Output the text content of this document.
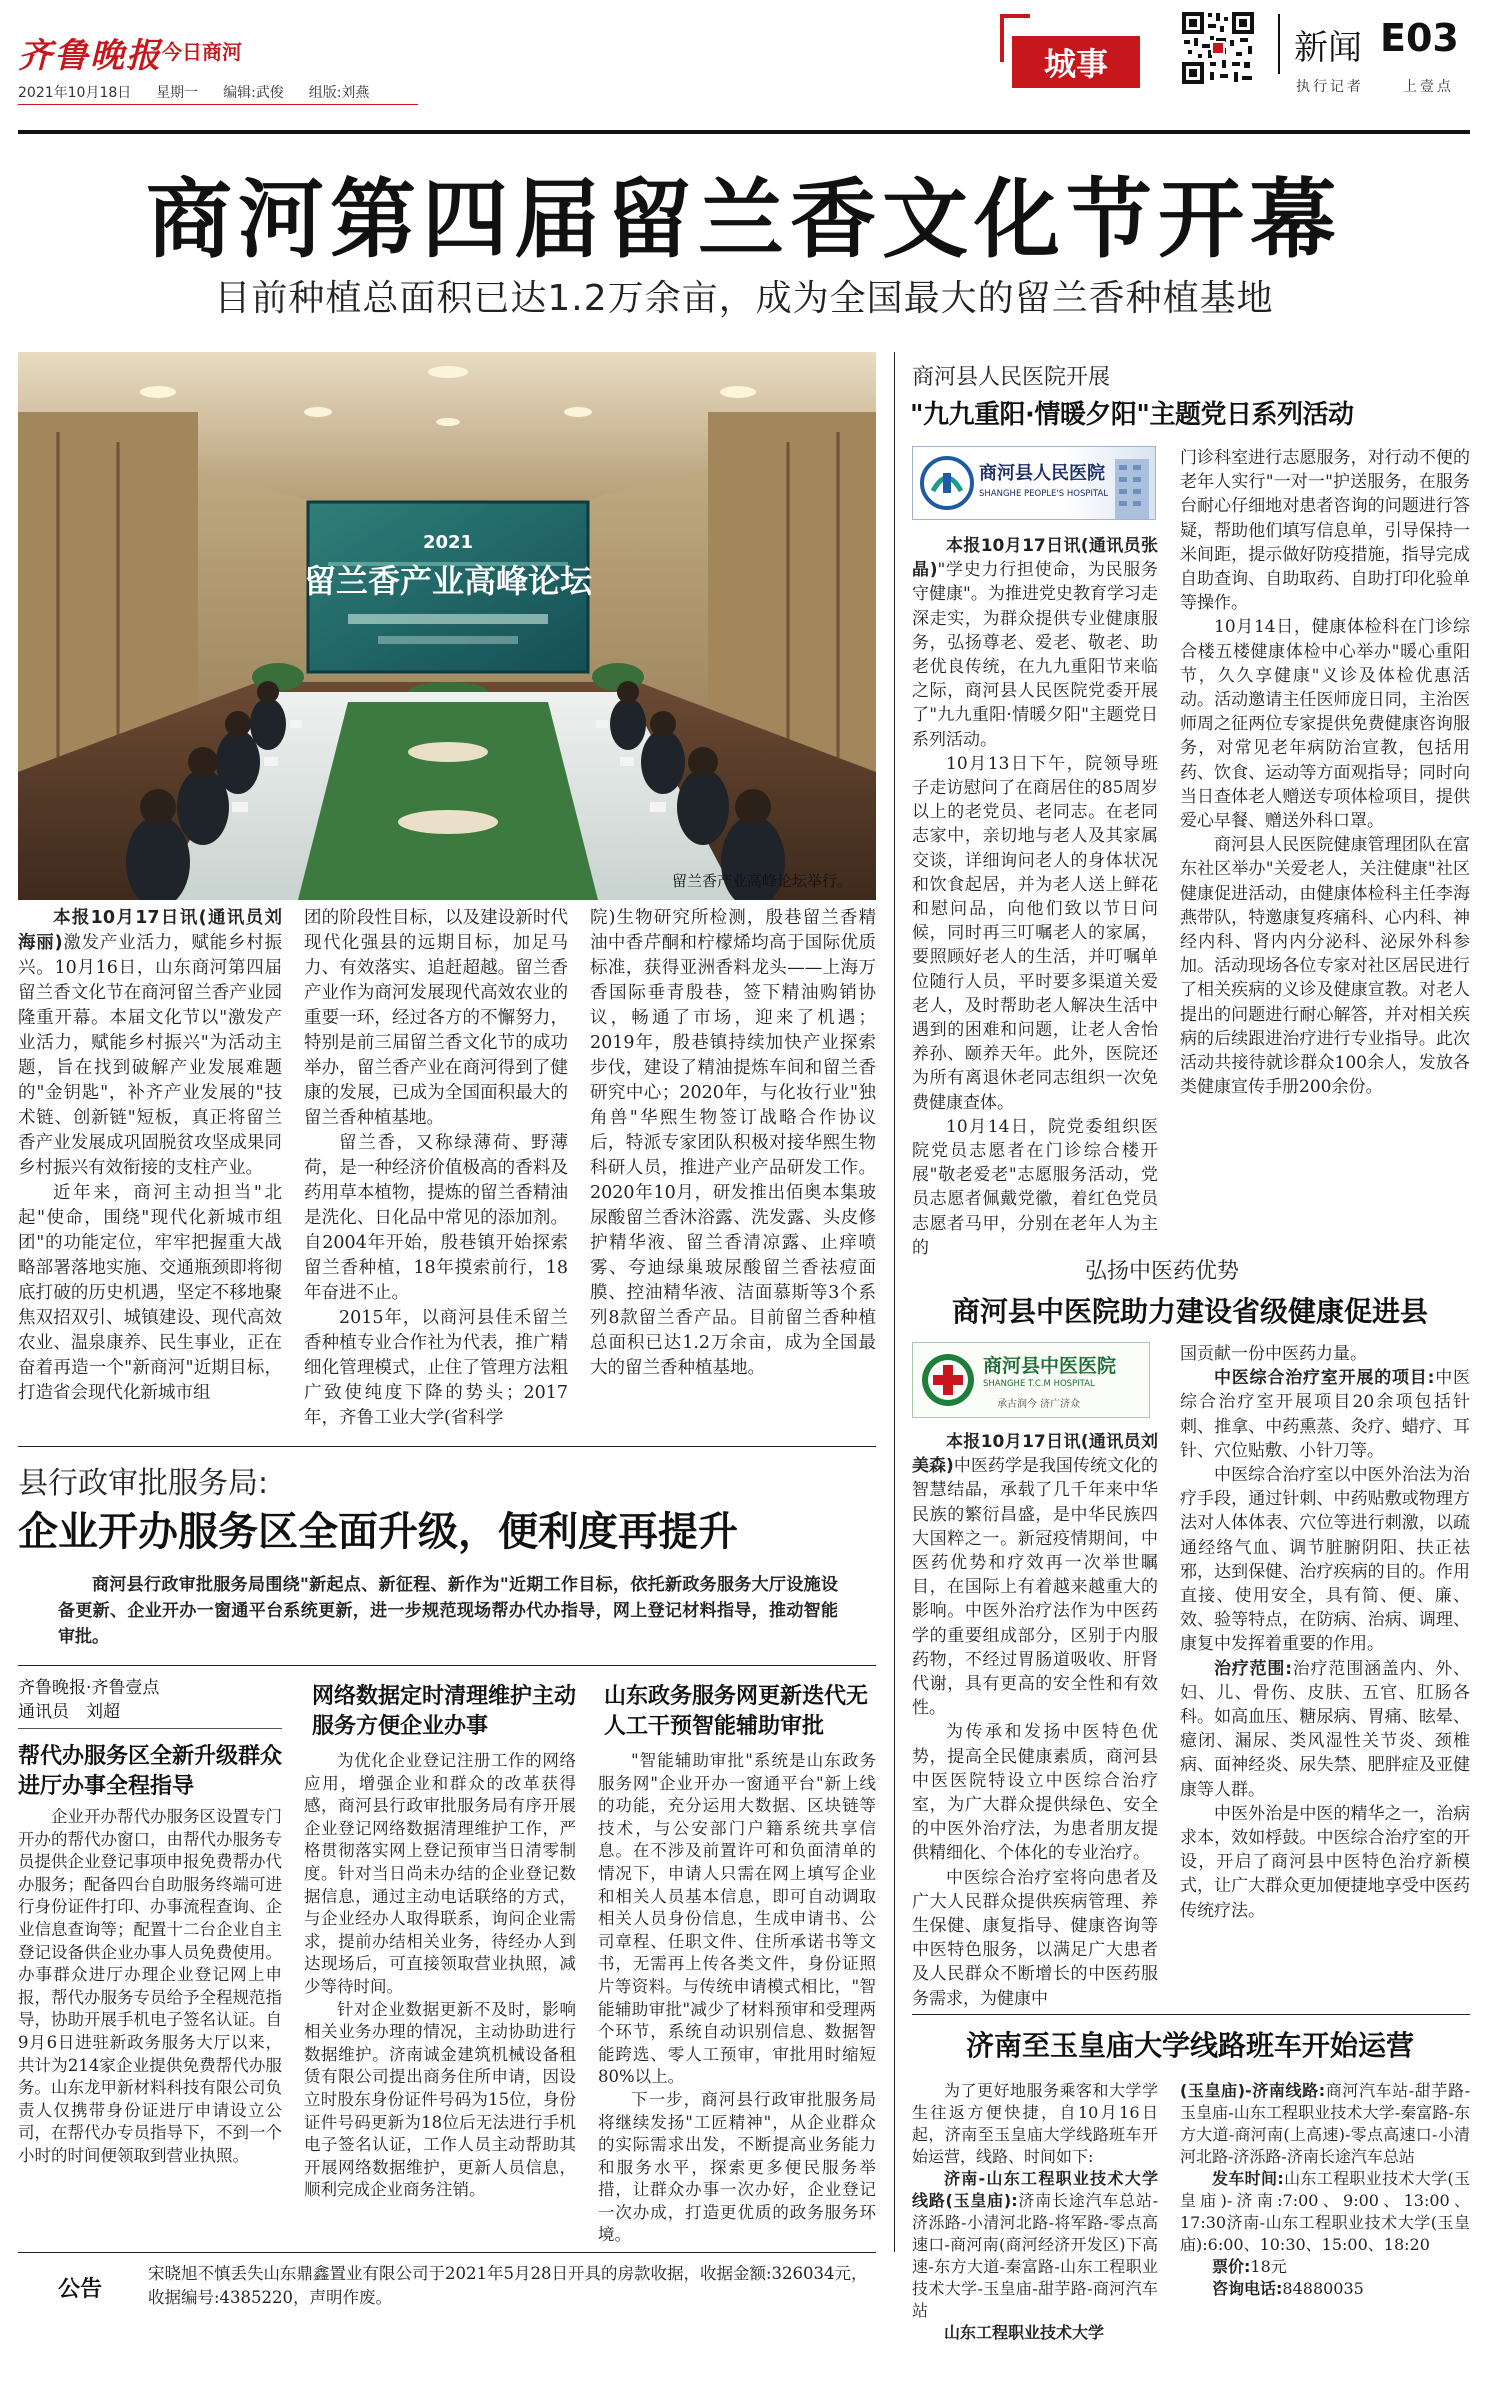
齐鲁晚报 今日商河
2021年10月18日 星期一 编辑:武俊 组版:刘燕
城事	新闻 E03
执行记者	上壹点
商河第四届留兰香文化节开幕
目前种植总面积已达1.2万余亩，成为全国最大的留兰香种植基地
2021
留兰香产业高峰论坛
留兰香产业高峰论坛举行。

本报10月17日讯(通讯员刘海丽)激发产业活力，赋能乡村振兴。10月16日，山东商河第四届留兰香文化节在商河留兰香产业园隆重开幕。本届文化节以"激发产业活力，赋能乡村振兴"为活动主题，旨在找到破解产业发展难题的"金钥匙"，补齐产业发展的"技术链、创新链"短板，真正将留兰香产业发展成巩固脱贫攻坚成果同乡村振兴有效衔接的支柱产业。

近年来，商河主动担当"北起"使命，围绕"现代化新城市组团"的功能定位，牢牢把握重大战略部署落地实施、交通瓶颈即将彻底打破的历史机遇，坚定不移地聚焦双招双引、城镇建设、现代高效农业、温泉康养、民生事业，正在奋着再造一个"新商河"近期目标，打造省会现代化新城市组

团的阶段性目标，以及建设新时代现代化强县的远期目标，加足马力、有效落实、追赶超越。留兰香产业作为商河发展现代高效农业的重要一环，经过各方的不懈努力，特别是前三届留兰香文化节的成功举办，留兰香产业在商河得到了健康的发展，已成为全国面积最大的留兰香种植基地。

留兰香，又称绿薄荷、野薄荷，是一种经济价值极高的香料及药用草本植物，提炼的留兰香精油是洗化、日化品中常见的添加剂。自2004年开始，殷巷镇开始探索留兰香种植，18年摸索前行，18年奋进不止。

2015年，以商河县佳禾留兰香种植专业合作社为代表，推广精细化管理模式，止住了管理方法粗广致使纯度下降的势头；2017年，齐鲁工业大学(省科学

院)生物研究所检测，殷巷留兰香精油中香芹酮和柠檬烯均高于国际优质标准，获得亚洲香料龙头——上海万香国际垂青殷巷，签下精油购销协议，畅通了市场，迎来了机遇；2019年，殷巷镇持续加快产业探索步伐，建设了精油提炼车间和留兰香研究中心；2020年，与化妆行业"独角兽"华熙生物签订战略合作协议后，特派专家团队积极对接华熙生物科研人员，推进产业产品研发工作。2020年10月，研发推出佰奥本集玻尿酸留兰香沐浴露、洗发露、头皮修护精华液、留兰香清凉露、止痒喷雾、夸迪绿巢玻尿酸留兰香祛痘面膜、控油精华液、洁面慕斯等3个系列8款留兰香产品。目前留兰香种植总面积已达1.2万余亩，成为全国最大的留兰香种植基地。

商河县人民医院开展
"九九重阳·情暖夕阳"主题党日系列活动
商河县人民医院
SHANGHE PEOPLE'S HOSPITAL

本报10月17日讯(通讯员张晶)"学史力行担使命，为民服务守健康"。为推进党史教育学习走深走实，为群众提供专业健康服务，弘扬尊老、爱老、敬老、助老优良传统，在九九重阳节来临之际，商河县人民医院党委开展了"九九重阳·情暖夕阳"主题党日系列活动。

10月13日下午，院领导班子走访慰问了在商居住的85周岁以上的老党员、老同志。在老同志家中，亲切地与老人及其家属交谈，详细询问老人的身体状况和饮食起居，并为老人送上鲜花和慰问品，向他们致以节日问候，同时再三叮嘱老人的家属，要照顾好老人的生活，并叮嘱单位随行人员，平时要多渠道关爱老人，及时帮助老人解决生活中遇到的困难和问题，让老人舍怡养孙、颐养天年。此外，医院还为所有离退休老同志组织一次免费健康查体。

10月14日，院党委组织医院党员志愿者在门诊综合楼开展"敬老爱老"志愿服务活动，党员志愿者佩戴党徽，着红色党员志愿者马甲，分别在老年人为主的

门诊科室进行志愿服务，对行动不便的老年人实行"一对一"护送服务，在服务台耐心仔细地对患者咨询的问题进行答疑，帮助他们填写信息单，引导保持一米间距，提示做好防疫措施，指导完成自助查询、自助取药、自助打印化验单等操作。

10月14日，健康体检科在门诊综合楼五楼健康体检中心举办"暖心重阳节，久久享健康"义诊及体检优惠活动。活动邀请主任医师庞日同，主治医师周之征两位专家提供免费健康咨询服务，对常见老年病防治宣教，包括用药、饮食、运动等方面观指导；同时向当日查体老人赠送专项体检项目，提供爱心早餐、赠送外科口罩。

商河县人民医院健康管理团队在富东社区举办"关爱老人，关注健康"社区健康促进活动，由健康体检科主任李海燕带队，特邀康复疼痛科、心内科、神经内科、肾内内分泌科、泌尿外科参加。活动现场各位专家对社区居民进行了相关疾病的义诊及健康宣教。对老人提出的问题进行耐心解答，并对相关疾病的后续跟进治疗进行专业指导。此次活动共接待就诊群众100余人，发放各类健康宣传手册200余份。

弘扬中医药优势
商河县中医院助力建设省级健康促进县
商河县中医医院
SHANGHE T.C.M HOSPITAL
承古润今 济广济众

本报10月17日讯(通讯员刘美森)中医药学是我国传统文化的智慧结晶，承载了几千年来中华民族的繁衍昌盛，是中华民族四大国粹之一。新冠疫情期间，中医药优势和疗效再一次举世瞩目，在国际上有着越来越重大的影响。中医外治疗法作为中医药学的重要组成部分，区别于内服药物，不经过胃肠道吸收、肝肾代谢，具有更高的安全性和有效性。

为传承和发扬中医特色优势，提高全民健康素质，商河县中医医院特设立中医综合治疗室，为广大群众提供绿色、安全的中医外治疗法，为患者朋友提供精细化、个体化的专业治疗。

中医综合治疗室将向患者及广大人民群众提供疾病管理、养生保健、康复指导、健康咨询等中医特色服务，以满足广大患者及人民群众不断增长的中医药服务需求，为健康中

国贡献一份中医药力量。

中医综合治疗室开展的项目:中医综合治疗室开展项目20余项包括针刺、推拿、中药熏蒸、灸疗、蜡疗、耳针、穴位贴敷、小针刀等。

中医综合治疗室以中医外治法为治疗手段，通过针刺、中药贴敷或物理方法对人体体表、穴位等进行刺激，以疏通经络气血、调节脏腑阴阳、扶正祛邪，达到保健、治疗疾病的目的。作用直接、使用安全，具有简、便、廉、效、验等特点，在防病、治病、调理、康复中发挥着重要的作用。

治疗范围:治疗范围涵盖内、外、妇、儿、骨伤、皮肤、五官、肛肠各科。如高血压、糖尿病、胃痛、眩晕、癔闭、漏尿、类风湿性关节炎、颈椎病、面神经炎、尿失禁、肥胖症及亚健康等人群。

中医外治是中医的精华之一，治病求本，效如桴鼓。中医综合治疗室的开设，开启了商河县中医特色治疗新模式，让广大群众更加便捷地享受中医药传统疗法。

济南至玉皇庙大学线路班车开始运营

为了更好地服务乘客和大学学生往返方便快捷，自10月16日起，济南至玉皇庙大学线路班车开始运营，线路、时间如下:

济南-山东工程职业技术大学线路(玉皇庙):济南长途汽车总站-济泺路-小清河北路-将军路-零点高速口-商河南(商河经济开发区)下高速-东方大道-秦富路-山东工程职业技术大学-玉皇庙-甜芋路-商河汽车站

山东工程职业技术大学

(玉皇庙)-济南线路:商河汽车站-甜芋路-玉皇庙-山东工程职业技术大学-秦富路-东方大道-商河南(上高速)-零点高速口-小清河北路-济泺路-济南长途汽车总站

发车时间:山东工程职业技术大学(玉皇庙)-济南:7:00、9:00、13:00、17:30济南-山东工程职业技术大学(玉皇庙):6:00、10:30、15:00、18:20

票价:18元

咨询电话:84880035

县行政审批服务局:
企业开办服务区全面升级，便利度再提升
商河县行政审批服务局围绕"新起点、新征程、新作为"近期工作目标，依托新政务服务大厅设施设备更新、企业开办一窗通平台系统更新，进一步规范现场帮办代办指导，网上登记材料指导，推动智能审批。
齐鲁晚报·齐鲁壹点
通讯员　刘超
帮代办服务区全新升级群众进厅办事全程指导

企业开办帮代办服务区设置专门开办的帮代办窗口，由帮代办服务专员提供企业登记事项申报免费帮办代办服务；配备四台自助服务终端可进行身份证件打印、办事流程查询、企业信息查询等；配置十二台企业自主登记设备供企业办事人员免费使用。办事群众进厅办理企业登记网上申报，帮代办服务专员给予全程规范指导，协助开展手机电子签名认证。自9月6日进驻新政务服务大厅以来，共计为214家企业提供免费帮代办服务。山东龙甲新材料科技有限公司负责人仅携带身份证进厅申请设立公司，在帮代办专员指导下，不到一个小时的时间便领取到营业执照。

网络数据定时清理维护主动服务方便企业办事

为优化企业登记注册工作的网络应用，增强企业和群众的改革获得感，商河县行政审批服务局有序开展企业登记网络数据清理维护工作，严格贯彻落实网上登记预审当日清零制度。针对当日尚未办结的企业登记数据信息，通过主动电话联络的方式，与企业经办人取得联系，询问企业需求，提前办结相关业务，待经办人到达现场后，可直接领取营业执照，减少等待时间。

针对企业数据更新不及时，影响相关业务办理的情况，主动协助进行数据维护。济南诚金建筑机械设备租赁有限公司提出商务住所申请，因设立时股东身份证件号码为15位，身份证件号码更新为18位后无法进行手机电子签名认证，工作人员主动帮助其开展网络数据维护，更新人员信息，顺利完成企业商务注销。

山东政务服务网更新迭代无人工干预智能辅助审批

"智能辅助审批"系统是山东政务服务网"企业开办一窗通平台"新上线的功能，充分运用大数据、区块链等技术，与公安部门户籍系统共享信息。在不涉及前置许可和负面清单的情况下，申请人只需在网上填写企业和相关人员基本信息，即可自动调取相关人员身份信息，生成申请书、公司章程、任职文件、住所承诺书等文书，无需再上传各类文件，身份证照片等资料。与传统申请模式相比，"智能辅助审批"减少了材料预审和受理两个环节，系统自动识别信息、数据智能跨选、零人工预审，审批用时缩短80%以上。

下一步，商河县行政审批服务局将继续发扬"工匠精神"，从企业群众的实际需求出发，不断提高业务能力和服务水平，探索更多便民服务举措，让群众办事一次办好，企业登记一次办成，打造更优质的政务服务环境。

公告
宋晓旭不慎丢失山东鼎鑫置业有限公司于2021年5月28日开具的房款收据，收据金额:326034元，收据编号:4385220，声明作废。
